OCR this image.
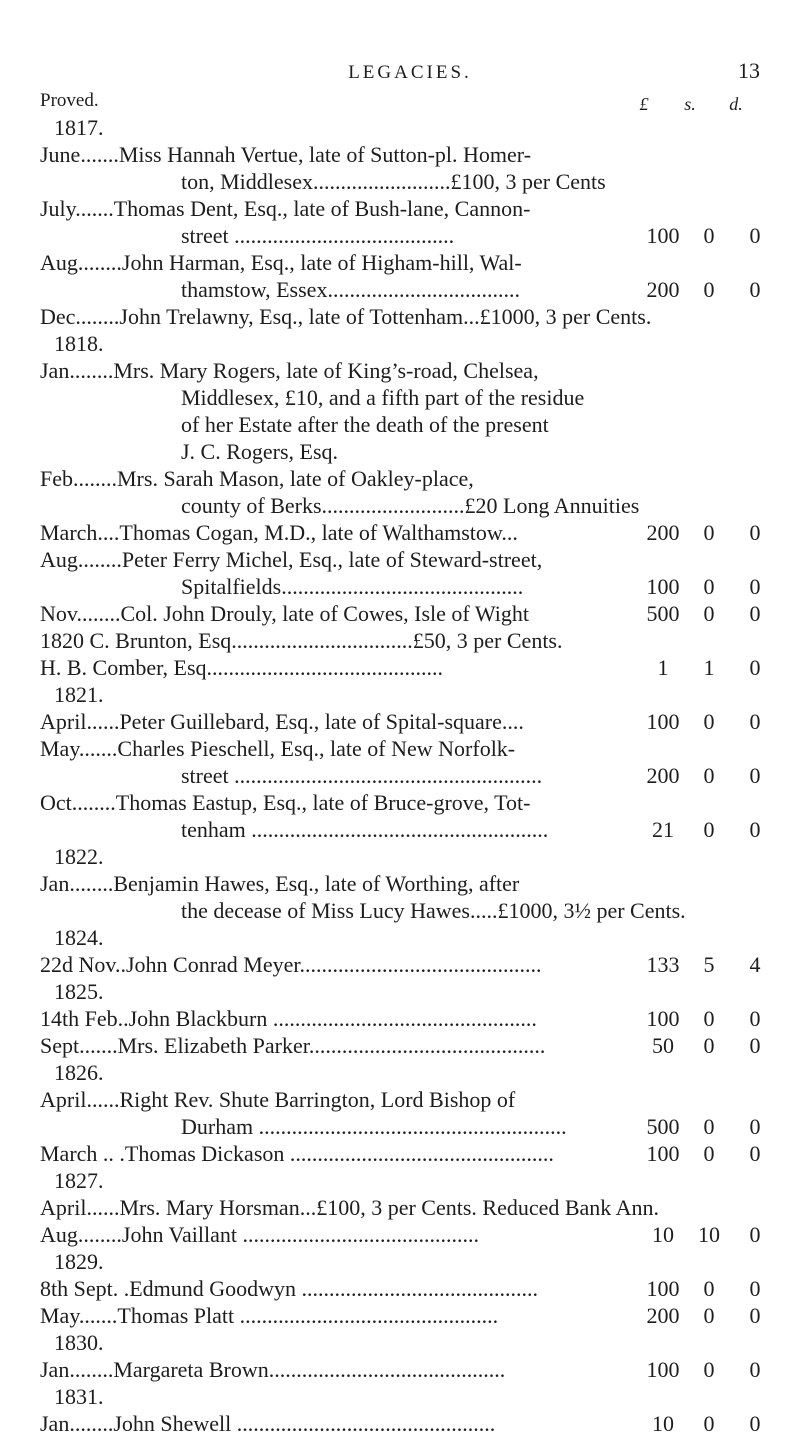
LEGACIES.	13
Proved.	£ s. d.
1817.
June.......Miss Hannah Vertue, late of Sutton-pl. Homer-
ton, Middlesex.........................£100, 3 per Cents
July.......Thomas Dent, Esq., late of Bush-lane, Cannon-
street ........................................	100 0 0
Aug........John Harman, Esq., late of Higham-hill, Wal-
thamstow, Essex...................................	200 0 0
Dec........John Trelawny, Esq., late of Tottenham...£1000, 3 per Cents.
1818.
Jan........Mrs. Mary Rogers, late of King’s-road, Chelsea,
Middlesex, £10, and a fifth part of the residue
of her Estate after the death of the present
J. C. Rogers, Esq.
Feb........Mrs. Sarah Mason, late of Oakley-place,
county of Berks..........................£20 Long Annuities
March....Thomas Cogan, M.D., late of Walthamstow...	200 0 0
Aug........Peter Ferry Michel, Esq., late of Steward-street,
Spitalfields............................................	100 0 0
Nov........Col. John Drouly, late of Cowes, Isle of Wight	500 0 0
1820 C. Brunton, Esq.................................£50, 3 per Cents.
H. B. Comber, Esq...........................................	1 1 0
1821.
April......Peter Guillebard, Esq., late of Spital-square....	100 0 0
May.......Charles Pieschell, Esq., late of New Norfolk-
street ........................................................	200 0 0
Oct........Thomas Eastup, Esq., late of Bruce-grove, Tot-
tenham ......................................................	21 0 0
1822.
Jan........Benjamin Hawes, Esq., late of Worthing, after
the decease of Miss Lucy Hawes.....£1000, 3½ per Cents.
1824.
22d Nov..John Conrad Meyer............................................	133 5 4
1825.
14th Feb..John Blackburn ................................................	100 0 0
Sept.......Mrs. Elizabeth Parker...........................................	50 0 0
1826.
April......Right Rev. Shute Barrington, Lord Bishop of
Durham ........................................................	500 0 0
March .. .Thomas Dickason ................................................	100 0 0
1827.
April......Mrs. Mary Horsman...£100, 3 per Cents. Reduced Bank Ann.
Aug........John Vaillant ...........................................	10 10 0
1829.
8th Sept. .Edmund Goodwyn ...........................................	100 0 0
May.......Thomas Platt ...............................................	200 0 0
1830.
Jan........Margareta Brown...........................................	100 0 0
1831.
Jan........John Shewell ...............................................	10 0 0
